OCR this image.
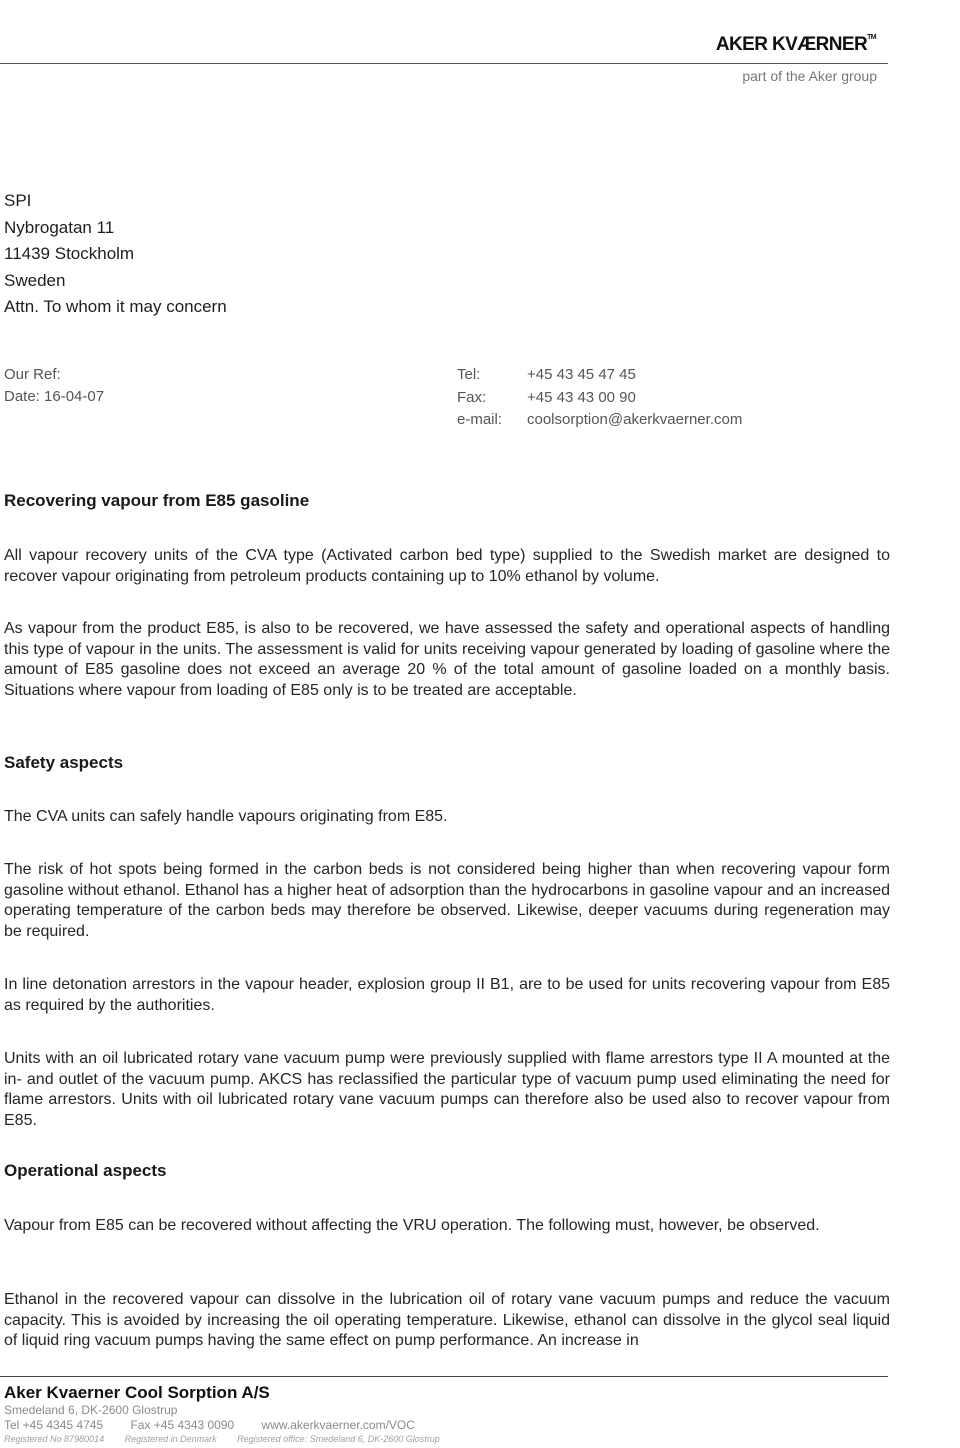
AKER KVÆRNER™
part of the Aker group
SPI
Nybrogatan 11
11439 Stockholm
Sweden
Attn. To whom it may concern
Our Ref:
Date: 16-04-07
Tel:	+45 43 45 47 45
Fax:	+45 43 43 00 90
e-mail:	coolsorption@akerkvaerner.com
Recovering vapour from E85 gasoline
All vapour recovery units of the CVA type (Activated carbon bed type) supplied to the Swedish market are designed to recover vapour originating from petroleum products containing up to 10% ethanol by volume.
As vapour from the product E85, is also to be recovered, we have assessed the safety and operational aspects of handling this type of vapour in the units. The assessment is valid for units receiving vapour generated by loading of gasoline where the amount of E85 gasoline does not exceed an average 20 % of the total amount of gasoline loaded on a monthly basis. Situations where vapour from loading of E85 only is to be treated are acceptable.
Safety aspects
The CVA units can safely handle vapours originating from E85.
The risk of hot spots being formed in the carbon beds is not considered being higher than when recovering vapour form gasoline without ethanol. Ethanol has a higher heat of adsorption than the hydrocarbons in gasoline vapour and an increased operating temperature of the carbon beds may therefore be observed. Likewise, deeper vacuums during regeneration may be required.
In line detonation arrestors in the vapour header, explosion group II B1, are to be used for units recovering vapour from E85 as required by the authorities.
Units with an oil lubricated rotary vane vacuum pump were previously supplied with flame arrestors type II A mounted at the in- and outlet of the vacuum pump. AKCS has reclassified the particular type of vacuum pump used eliminating the need for flame arrestors. Units with oil lubricated rotary vane vacuum pumps can therefore also be used also to recover vapour from E85.
Operational aspects
Vapour from E85 can be recovered without affecting the VRU operation. The following must, however, be observed.
Ethanol in the recovered vapour can dissolve in the lubrication oil of rotary vane vacuum pumps and reduce the vacuum capacity. This is avoided by increasing the oil operating temperature. Likewise, ethanol can dissolve in the glycol seal liquid of liquid ring vacuum pumps having the same effect on pump performance. An increase in
Aker Kvaerner Cool Sorption A/S
Smedeland 6, DK-2600 Glostrup
Tel +45 4345 4745 Fax +45 4343 0090 www.akerkvaerner.com/VOC
Registered No 87980014 Registered in Denmark Registered office: Smedeland 6, DK-2600 Glostrup
